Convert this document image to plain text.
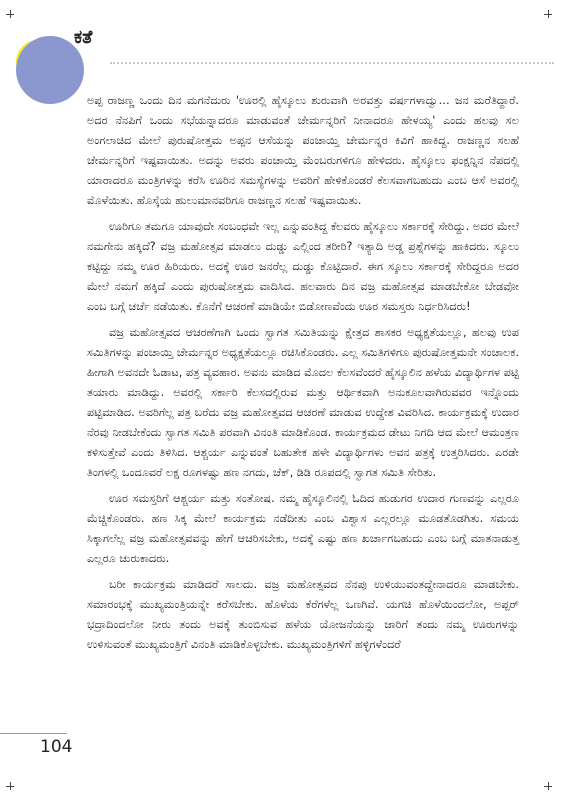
ಕತೆ

ಅಪ್ಪ ರಾಜಣ್ಣ ಒಂದು ದಿನ ಮಗನೆದುರು 'ಊರಲ್ಲಿ ಹೈಸ್ಕೂಲು ಶುರುವಾಗಿ ಅರವತ್ತು ವರ್ಷಗಳಾದ್ವು… ಜನ ಮರೆತಿದ್ದಾರೆ. ಅದರ ನೆನಪಿಗೆ ಒಂದು ಸಭೆಯನ್ನಾದರೂ ಮಾಡುವಂತೆ ಚೇರ್ಮನ್ನರಿಗೆ ನೀನಾದರೂ ಹೇಳಯ್ಯ' ಎಂದು ಹಲವು ಸಲ ಅಂಗಲಾಚಿದ ಮೇಲೆ ಪುರುಷೋತ್ತಮ ಅಪ್ಪನ ಆಸೆಯನ್ನು ಪಂಚಾಯ್ತಿ ಚೇರ್ಮನ್ನರ ಕಿವಿಗೆ ಹಾಕಿದ್ದ. ರಾಜಣ್ಣನ ಸಲಹೆ ಚೇರ್ಮನ್ನರಿಗೆ ಇಷ್ಟವಾಯಿತು. ಅದನ್ನು ಅವರು ಪಂಚಾಯ್ತಿ ಮೆಂಬರುಗಳಿಗೂ ಹೇಳಿದರು. ಹೈಸ್ಕೂಲು ಫಂಕ್ಷನ್ನಿನ ನೆಪದಲ್ಲಿ ಯಾರಾದರೂ ಮಂತ್ರಿಗಳನ್ನು ಕರೆಸಿ ಊರಿನ ಸಮಸ್ಯೆಗಳನ್ನು ಅವರಿಗೆ ಹೇಳಿಕೊಂಡರೆ ಕೆಲಸವಾಗಬಹುದು ಎಂಬ ಆಸೆ ಅವರಲ್ಲಿ ಮೊಳೆಯಿತು. ಹೊಸ್ಕೆಯ ಹುಲುಮಾನವರಿಗೂ ರಾಜಣ್ಣನ ಸಲಹೆ ಇಷ್ಟವಾಯಿತು.

ಊರಿಗೂ ತಮಗೂ ಯಾವುದೇ ಸಂಬಂಧವೇ ಇಲ್ಲ ಎನ್ನುವಂತಿದ್ದ ಕೆಲವರು ಹೈಸ್ಕೂಲು ಸರ್ಕಾರಕ್ಕೆ ಸೇರಿದ್ದು. ಅದರ ಮೇಲೆ ನಮಗೇನು ಹಕ್ಕಿದೆ? ವಜ್ರ ಮಹೋತ್ಸವ ಮಾಡಲು ದುಡ್ಡು ಎಲ್ಲಿಂದ ತರೀರಿ? ಇತ್ಯಾದಿ ಅಡ್ಡ ಪ್ರಶ್ನೆಗಳನ್ನು ಹಾಕಿದರು. ಸ್ಕೂಲು ಕಟ್ಟಿದ್ದು ನಮ್ಮ ಊರ ಹಿರಿಯರು. ಅದಕ್ಕೆ ಊರ ಜನರೆಲ್ಲ ದುಡ್ಡು ಕೊಟ್ಟಿದಾರೆ. ಈಗ ಸ್ಕೂಲು ಸರ್ಕಾರಕ್ಕೆ ಸೇರಿದ್ದರೂ ಅದರ ಮೇಲೆ ನಮಗೆ ಹಕ್ಕಿದೆ ಎಂದು ಪುರುಷೋತ್ತಮ ವಾದಿಸಿದ. ಹಲವಾರು ದಿನ ವಜ್ರ ಮಹೋತ್ಸವ ಮಾಡಬೇಕೋ ಬೇಡವೋ ಎಂಬ ಬಗ್ಗೆ ಚರ್ಚೆ ನಡೆಯಿತು. ಕೊನೆಗೆ ಆಚರಣೆ ಮಾಡಿಯೇ ಬಿಡೋಣವೆಂದು ಊರ ಸಮಸ್ತರು ನಿರ್ಧರಿಸಿದರು!

ವಜ್ರ ಮಹೋತ್ಸವದ ಆಚರಣೆಗಾಗಿ ಒಂದು ಸ್ವಾಗತ ಸಮಿತಿಯನ್ನು ಕ್ಷೇತ್ರದ ಶಾಸಕರ ಅಧ್ಯಕ್ಷತೆಯಲ್ಲೂ, ಹಲವು ಉಪ ಸಮಿತಿಗಳನ್ನು ಪಂಚಾಯ್ತಿ ಚೇರ್ಮನ್ನರ ಅಧ್ಯಕ್ಷತೆಯಲ್ಲೂ ರಚಿಸಿಕೊಂಡರು. ಎಲ್ಲ ಸಮಿತಿಗಳಿಗೂ ಪುರುಷೋತ್ತಮನೇ ಸಂಚಾಲಕ. ಹೀಗಾಗಿ ಅವನದೇ ಓಡಾಟ, ಪತ್ರ ವ್ಯವಹಾರ. ಅವನು ಮಾಡಿದ ಮೊದಲ ಕೆಲಸವೆಂದರೆ ಹೈಸ್ಕೂಲಿನ ಹಳೆಯ ವಿದ್ಯಾರ್ಥಿಗಳ ಪಟ್ಟಿ ತಯಾರು ಮಾಡಿದ್ದು. ಅವರಲ್ಲಿ ಸರ್ಕಾರಿ ಕೆಲಸದಲ್ಲಿರುವ ಮತ್ತು ಆರ್ಥಿಕವಾಗಿ ಅನುಕೂಲವಾಗಿರುವವರ ಇನ್ನೊಂದು ಪಟ್ಟಿಮಾಡಿದ. ಅವರಿಗೆಲ್ಲ ಪತ್ರ ಬರೆದು ವಜ್ರ ಮಹೋತ್ಸವದ ಆಚರಣೆ ಮಾಡುವ ಉದ್ದೇಶ ವಿವರಿಸಿದ. ಕಾರ್ಯಕ್ರಮಕ್ಕೆ ಉದಾರ ನೆರವು ನೀಡಬೇಕೆಂದು ಸ್ವಾಗತ ಸಮಿತಿ ಪರವಾಗಿ ವಿನಂತಿ ಮಾಡಿಕೊಂಡ. ಕಾರ್ಯಕ್ರಮದ ಡೇಟು ನಿಗದಿ ಆದ ಮೇಲೆ ಆಮಂತ್ರಣ ಕಳಿಸುತ್ತೇವೆ ಎಂದು ತಿಳಿಸಿದ. ಆಶ್ಚರ್ಯ ಎನ್ನುವಂತೆ ಬಹುತೇಕ ಹಳೇ ವಿದ್ಯಾರ್ಥಿಗಳು ಅವನ ಪತ್ರಕ್ಕೆ ಉತ್ತರಿಸಿದರು. ಎರಡೇ ತಿಂಗಳಲ್ಲಿ ಒಂದೂವರೆ ಲಕ್ಷ ರೂಗಳಷ್ಟು ಹಣ ನಗದು, ಚೆಕ್, ಡಿಡಿ ರೂಪದಲ್ಲಿ ಸ್ವಾಗತ ಸಮಿತಿ ಸೇರಿತು.

ಊರ ಸಮಸ್ತರಿಗೆ ಆಶ್ಚರ್ಯ ಮತ್ತು ಸಂತೋಷ. ನಮ್ಮ ಹೈಸ್ಕೂಲಿನಲ್ಲಿ ಓದಿದ ಹುಡುಗರ ಉದಾರ ಗುಣವನ್ನು ಎಲ್ಲರೂ ಮೆಚ್ಚಿಕೊಂಡರು. ಹಣ ಸಿಕ್ಕ ಮೇಲೆ ಕಾರ್ಯಕ್ರಮ ನಡೆದೀತು ಎಂಬ ವಿಶ್ವಾಸ ಎಲ್ಲರಲ್ಲೂ ಮೂಡತೊಡಗಿತು. ಸಮಯ ಸಿಕ್ಕಾಗಲೆಲ್ಲ ವಜ್ರ ಮಹೋತ್ಸವವನ್ನು ಹೇಗೆ ಆಚರಿಸಬೇಕು, ಅದಕ್ಕೆ ಎಷ್ಟು ಹಣ ಖರ್ಚಾಗಬಹುದು ಎಂಬ ಬಗ್ಗೆ ಮಾತನಾಡುತ್ತ ಎಲ್ಲರೂ ಚುರುಕಾದರು.

ಬರೀ ಕಾರ್ಯಕ್ರಮ ಮಾಡಿದರೆ ಸಾಲದು. ವಜ್ರ ಮಹೋತ್ಸವದ ನೆನಪು ಉಳಿಯುವಂತದ್ದೇನಾದರೂ ಮಾಡಬೇಕು. ಸಮಾರಂಭಕ್ಕೆ ಮುಖ್ಯಮಂತ್ರಿಯನ್ನೇ ಕರೆಸಬೇಕು. ಹೊಳೆಯ ಕೆರೆಗಳೆಲ್ಲ ಒಣಗಿವೆ. ಯಗಚಿ ಹೊಳೆಯಿಂದಲೋ, ಅಪ್ಪರ್ ಭದ್ರಾದಿಂದಲೋ ನೀರು ತಂದು ಅವಕ್ಕೆ ತುಂಬಿಸುವ ಹಳೆಯ ಯೋಜನೆಯನ್ನು ಜಾರಿಗೆ ತಂದು ನಮ್ಮ ಊರುಗಳನ್ನು ಉಳಿಸುವಂತೆ ಮುಖ್ಯಮಂತ್ರಿಗೆ ವಿನಂತಿ ಮಾಡಿಕೊಳ್ಳಬೇಕು. ಮುಖ್ಯಮಂತ್ರಿಗಳಿಗೆ ಹಳ್ಳಿಗಳೆಂದರೆ

104
